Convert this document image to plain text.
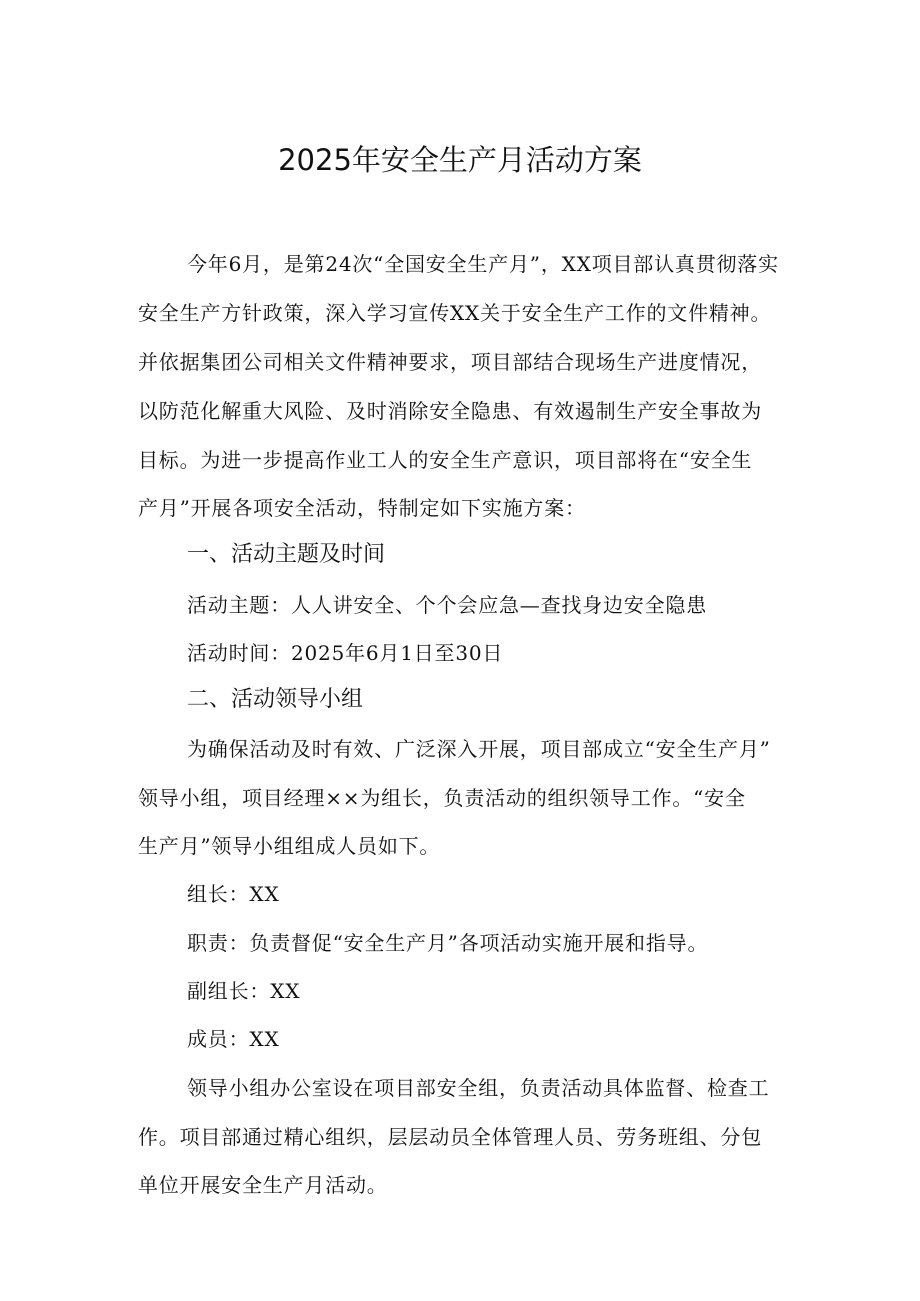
2025年安全生产月活动方案
今年6月，是第24次“全国安全生产月”，XX项目部认真贯彻落实
安全生产方针政策，深入学习宣传XX关于安全生产工作的文件精神。
并依据集团公司相关文件精神要求，项目部结合现场生产进度情况，
以防范化解重大风险、及时消除安全隐患、有效遏制生产安全事故为
目标。为进一步提高作业工人的安全生产意识，项目部将在“安全生
产月”开展各项安全活动，特制定如下实施方案：
一、活动主题及时间
活动主题：人人讲安全、个个会应急—查找身边安全隐患
活动时间：2025年6月1日至30日
二、活动领导小组
为确保活动及时有效、广泛深入开展，项目部成立“安全生产月”
领导小组，项目经理××为组长，负责活动的组织领导工作。“安全
生产月”领导小组组成人员如下。
组长：XX
职责：负责督促“安全生产月”各项活动实施开展和指导。
副组长：XX
成员：XX
领导小组办公室设在项目部安全组，负责活动具体监督、检查工
作。项目部通过精心组织，层层动员全体管理人员、劳务班组、分包
单位开展安全生产月活动。
